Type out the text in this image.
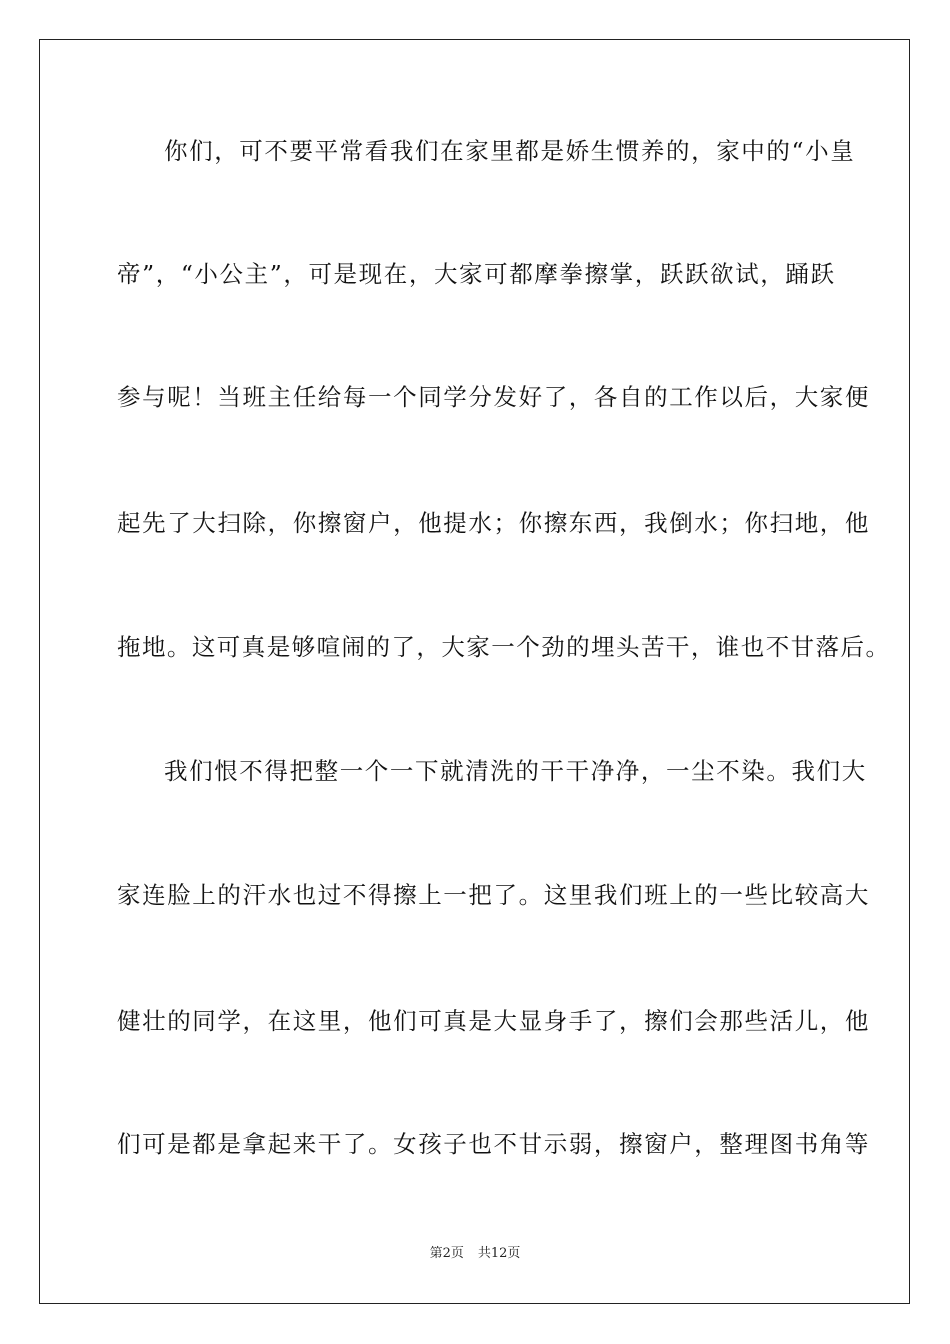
你们，可不要平常看我们在家里都是娇生惯养的，家中的“小皇
帝”，“小公主”，可是现在，大家可都摩拳擦掌，跃跃欲试，踊跃
参与呢！当班主任给每一个同学分发好了，各自的工作以后，大家便
起先了大扫除，你擦窗户，他提水；你擦东西，我倒水；你扫地，他
拖地。这可真是够喧闹的了，大家一个劲的埋头苦干，谁也不甘落后。
我们恨不得把整一个一下就清洗的干干净净，一尘不染。我们大
家连脸上的汗水也过不得擦上一把了。这里我们班上的一些比较高大
健壮的同学，在这里，他们可真是大显身手了，擦们会那些活儿，他
们可是都是拿起来干了。女孩子也不甘示弱，擦窗户，整理图书角等
第2页 共12页
